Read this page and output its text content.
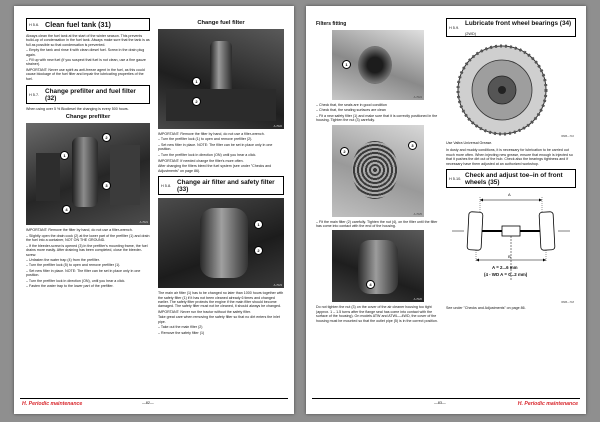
H 5.6. Clean fuel tank (31)

Always clean the fuel tank at the start of the winter season. This prevents build-up of condensation in the fuel tank. Always make sure that the tank is as full as possible so that condensation is prevented.

– Empty the tank and rinse it with clean diesel fuel. Screw in the drain plug again.

– Fill up with new fuel (if you suspect that fuel is not clean, use a fine gauze strainer).

IMPORTANT: Never use spirit as anti-freeze agent in the fuel, as this could cause blockage of the fuel filter and impair the lubricating properties of the fuel.

H 5.7. Change prefilter and fuel filter (32)

When using over 5 % Biodiesel the changing is every 500 hours.

Change prefilter
1
2
3
4
A-7021

IMPORTANT: Remove the filter by hand, do not use a filter-wrench.

– Slightly open the drain cock (2) at the lower part of the prefilter (1) and drain the fuel into a container, NOT ON THE GROUND.

– If the bleeder-screw is opened (3) in the prefilter's mounting frame, the fuel drains more easily. After draining has been completed, close the bleeder-screw.

– Unfasten the water trap (4) from the prefilter.

– Turn the prefilter lock (5) to open and remove prefilter (1).

– Set new filter in place. NOTE: The filter can be set in place only in one position.

– Turn the prefilter lock in direction (ON), until you hear a click.

– Fasten the water trap to the lower part of the prefilter.

Change fuel filter
1
2
A-7022

IMPORTANT: Remove the filter by hand, do not use a filter-wrench.

– Turn the prefilter lock (1) to open and remove prefilter (2).

– Set new filter in place. NOTE: The filter can be set in place only in one position.

– Turn the prefilter lock in direction (ON) until you hear a click.

IMPORTANT: If needed change the filter's more often.

After changing the filters bleed the fuel system (see under "Checks and Adjustments" on page 86).

H 5.8. Change air filter and safety filter (33)
1
2
A-7023

The main air filter (1) has to be changed no later than 1000 hours together with the safety filter (1) if it has not been cleaned already 6 times and changed earlier. The safety filter protects the engine if the main filter should become damaged. The safety filter must not be cleaned, it should always be changed.

IMPORTANT: Never run the tractor without the safety filter.

Take great care when removing the safety filter so that no dirt enters the inlet pipe.

– Take out the main filter (2)

– Remove the safety filter (1)

—82—
H. Periodic maintenance
Filters fitting
1
A-7024

– Check that, the seals are in good condition

– Check that, the sealing surfaces are clean

– Fit a new safety filter (1) and make sure that it is correctly positioned in the housing. Tighten the nut (3) carefully.

2
3
A-7025

– Fit the main filter (2) carefully. Tighten the nut (4), on the filter until the filter has come into contact with the end of the housing.

4
A-7026

Do not tighten the nut (3) on the cover of the air cleaner housing too tight (approx. 1 – 1.5 turns after the flange seal has come into contact with the surface of the housing). On models ATW and ATWL—4WD, the cover of the housing must be mounted so that the outlet pipe (5) is in the correct position.

H 5.9.
Lubricate front wheel bearings (34) (2WD)
RMB—716

Use Valtra Universal Grease.

In dusty and muddy conditions, it is necessary for lubrication to be carried out much more often. When injecting new grease, ensure that enough is injected so that it pushes the dirt out of the hub. Check also the bearings tightness and if necessary have them adjusted at an authorized workshop.

H 5.10. Check and adjust toe–in of front wheels (35)
A
B
A = 2...6 mm
(4 - WD A = 0...2 mm)
RMB—718

See under "Checks and Adjustments" on page 86.

—83—	H. Periodic maintenance
